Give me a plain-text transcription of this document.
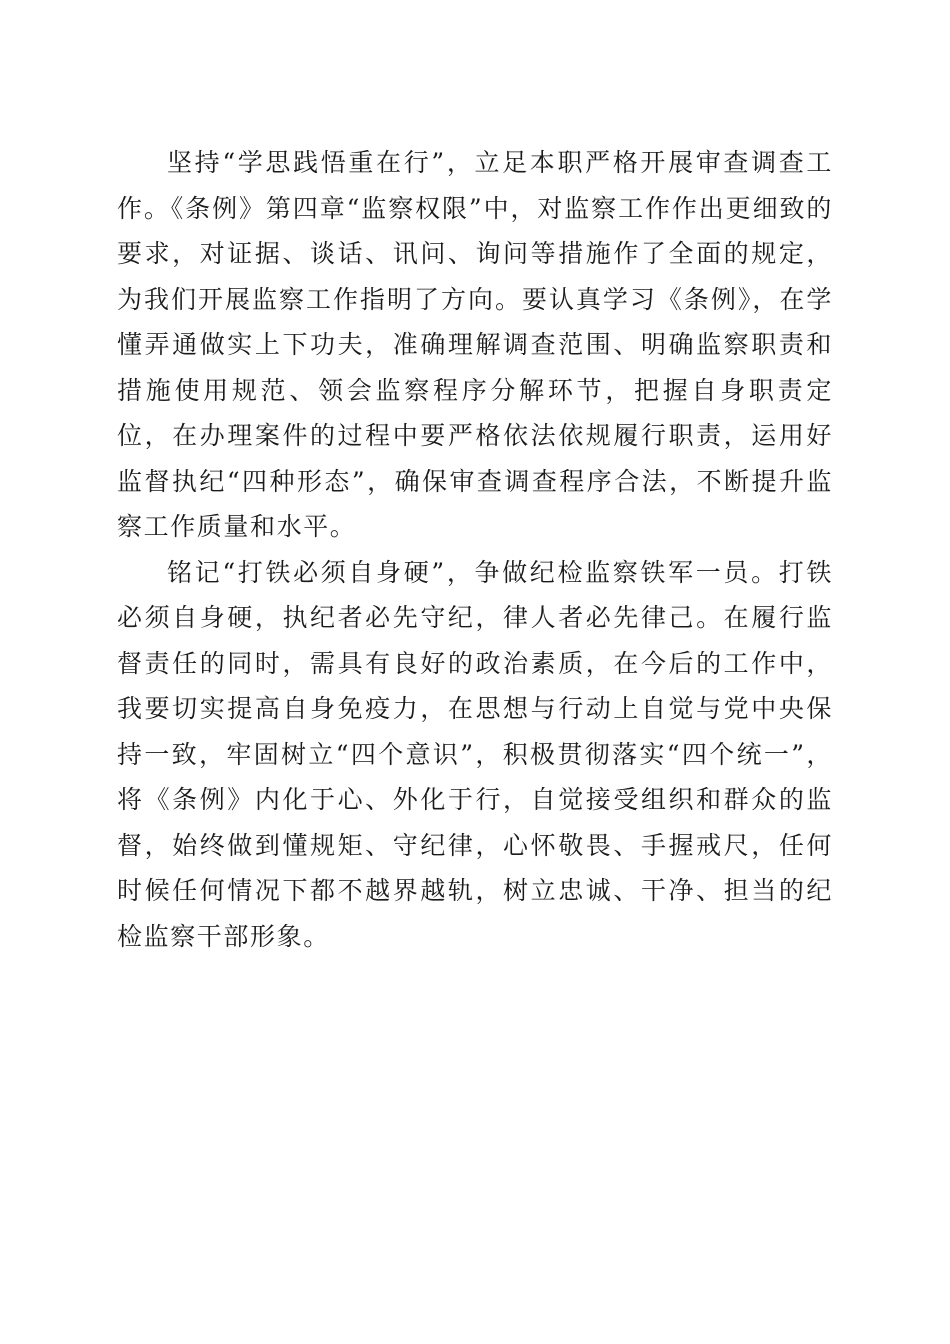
坚持“学思践悟重在行”，立足本职严格开展审查调查工作。《条例》第四章“监察权限”中，对监察工作作出更细致的要求，对证据、谈话、讯问、询问等措施作了全面的规定，为我们开展监察工作指明了方向。要认真学习《条例》，在学懂弄通做实上下功夫，准确理解调查范围、明确监察职责和措施使用规范、领会监察程序分解环节，把握自身职责定位，在办理案件的过程中要严格依法依规履行职责，运用好监督执纪“四种形态”，确保审查调查程序合法，不断提升监察工作质量和水平。

铭记“打铁必须自身硬”，争做纪检监察铁军一员。打铁必须自身硬，执纪者必先守纪，律人者必先律己。在履行监督责任的同时，需具有良好的政治素质，在今后的工作中，我要切实提高自身免疫力，在思想与行动上自觉与党中央保持一致，牢固树立“四个意识”，积极贯彻落实“四个统一”，将《条例》内化于心、外化于行，自觉接受组织和群众的监督，始终做到懂规矩、守纪律，心怀敬畏、手握戒尺，任何时候任何情况下都不越界越轨，树立忠诚、干净、担当的纪检监察干部形象。
